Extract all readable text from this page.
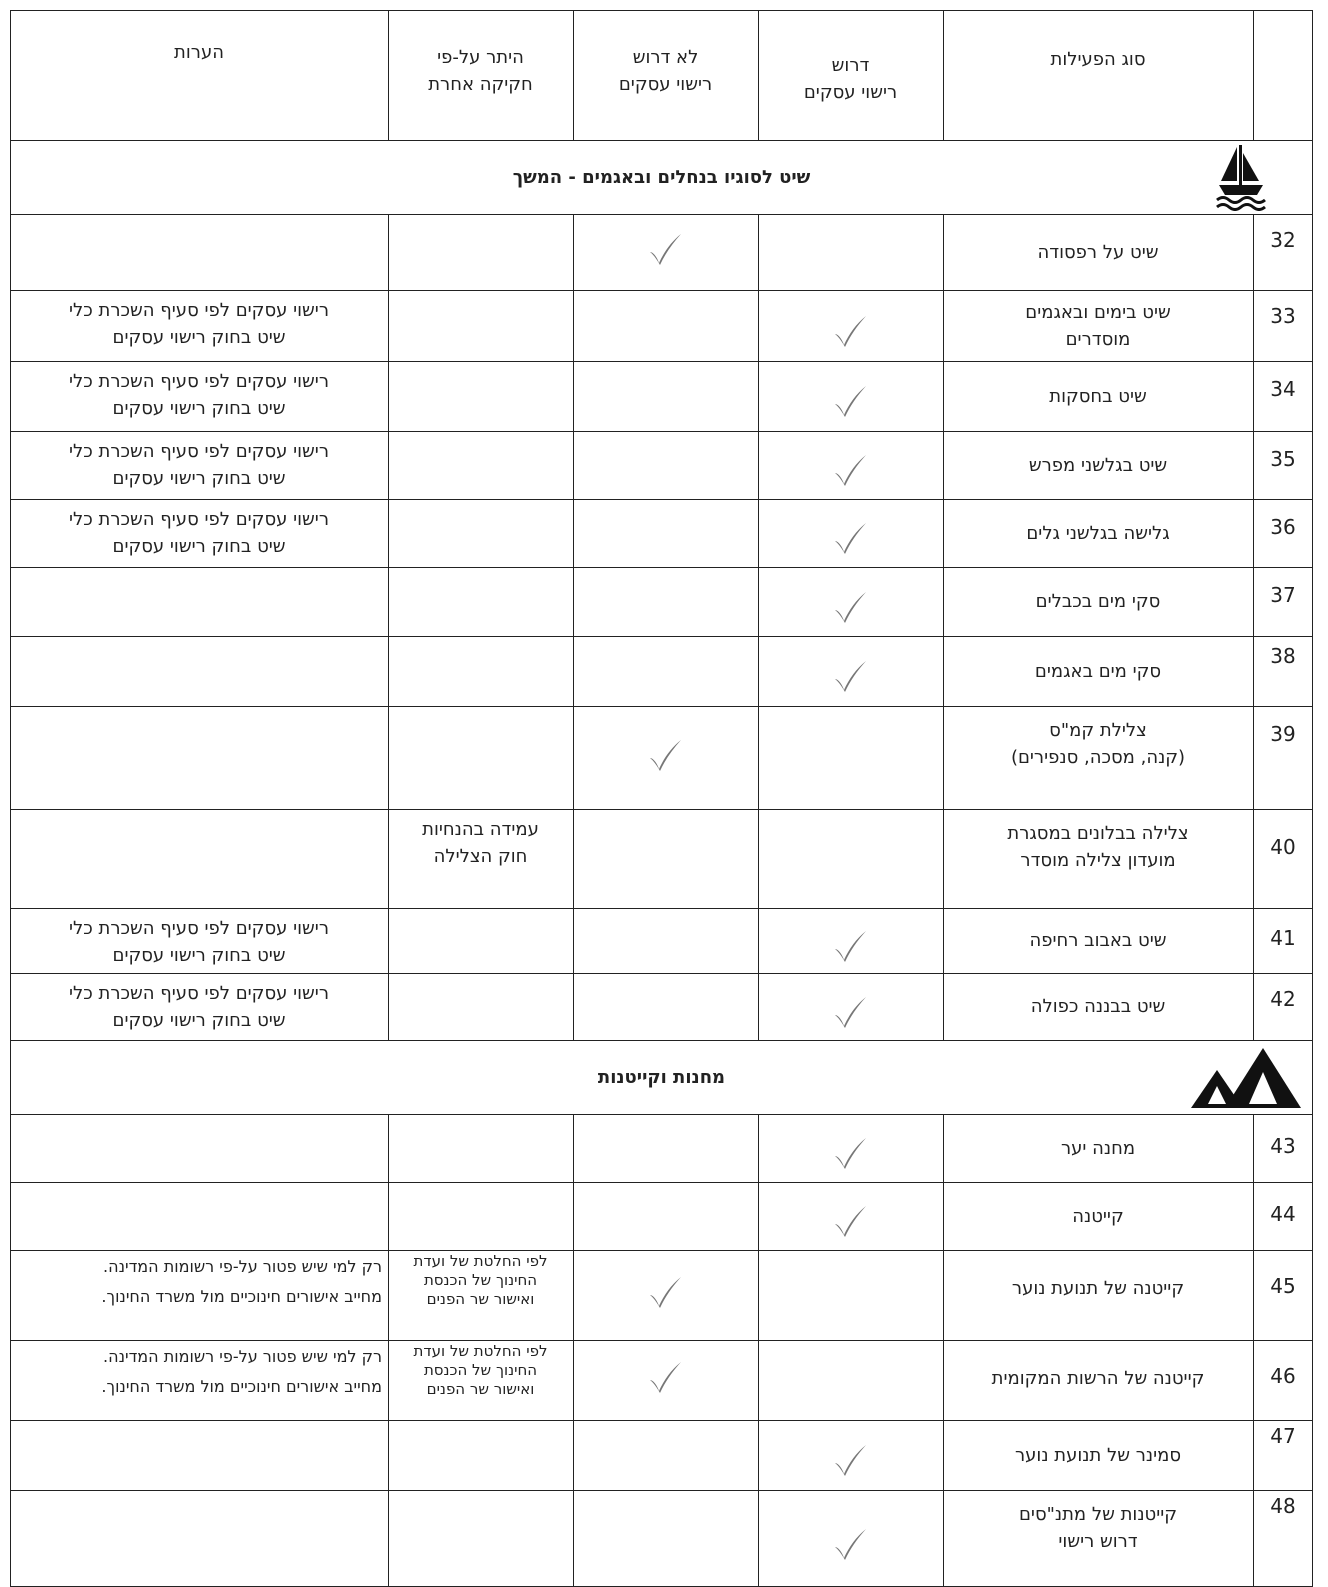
סוג הפעילות
דרוש
רישוי עסקים
לא דרוש
רישוי עסקים
היתר על-פי
חקיקה אחרת
הערות
שיט לסוגיו בנחלים ובאגמים - המשך
מחנות וקייטנות
32
שיט על רפסודה
33
שיט בימים ובאגמים
מוסדרים
רישוי עסקים לפי סעיף השכרת כלי
שיט בחוק רישוי עסקים
34
שיט בחסקות
רישוי עסקים לפי סעיף השכרת כלי
שיט בחוק רישוי עסקים
35
שיט בגלשני מפרש
רישוי עסקים לפי סעיף השכרת כלי
שיט בחוק רישוי עסקים
36
גלישה בגלשני גלים
רישוי עסקים לפי סעיף השכרת כלי
שיט בחוק רישוי עסקים
37
סקי מים בכבלים
38
סקי מים באגמים
39
צלילת קמ"ס
(קנה, מסכה, סנפירים)
40
צלילה בבלונים במסגרת
מועדון צלילה מוסדר
עמידה בהנחיות
חוק הצלילה
41
שיט באבוב רחיפה
רישוי עסקים לפי סעיף השכרת כלי
שיט בחוק רישוי עסקים
42
שיט בבננה כפולה
רישוי עסקים לפי סעיף השכרת כלי
שיט בחוק רישוי עסקים
43
מחנה יער
44
קייטנה
45
קייטנה של תנועת נוער
לפי החלטת של ועדת
החינוך של הכנסת
ואישור שר הפנים
רק למי שיש פטור על-פי רשומות המדינה.
מחייב אישורים חינוכיים מול משרד החינוך.
46
קייטנה של הרשות המקומית
לפי החלטת של ועדת
החינוך של הכנסת
ואישור שר הפנים
רק למי שיש פטור על-פי רשומות המדינה.
מחייב אישורים חינוכיים מול משרד החינוך.
47
סמינר של תנועת נוער
48
קייטנות של מתנ"סים
דרוש רישוי
